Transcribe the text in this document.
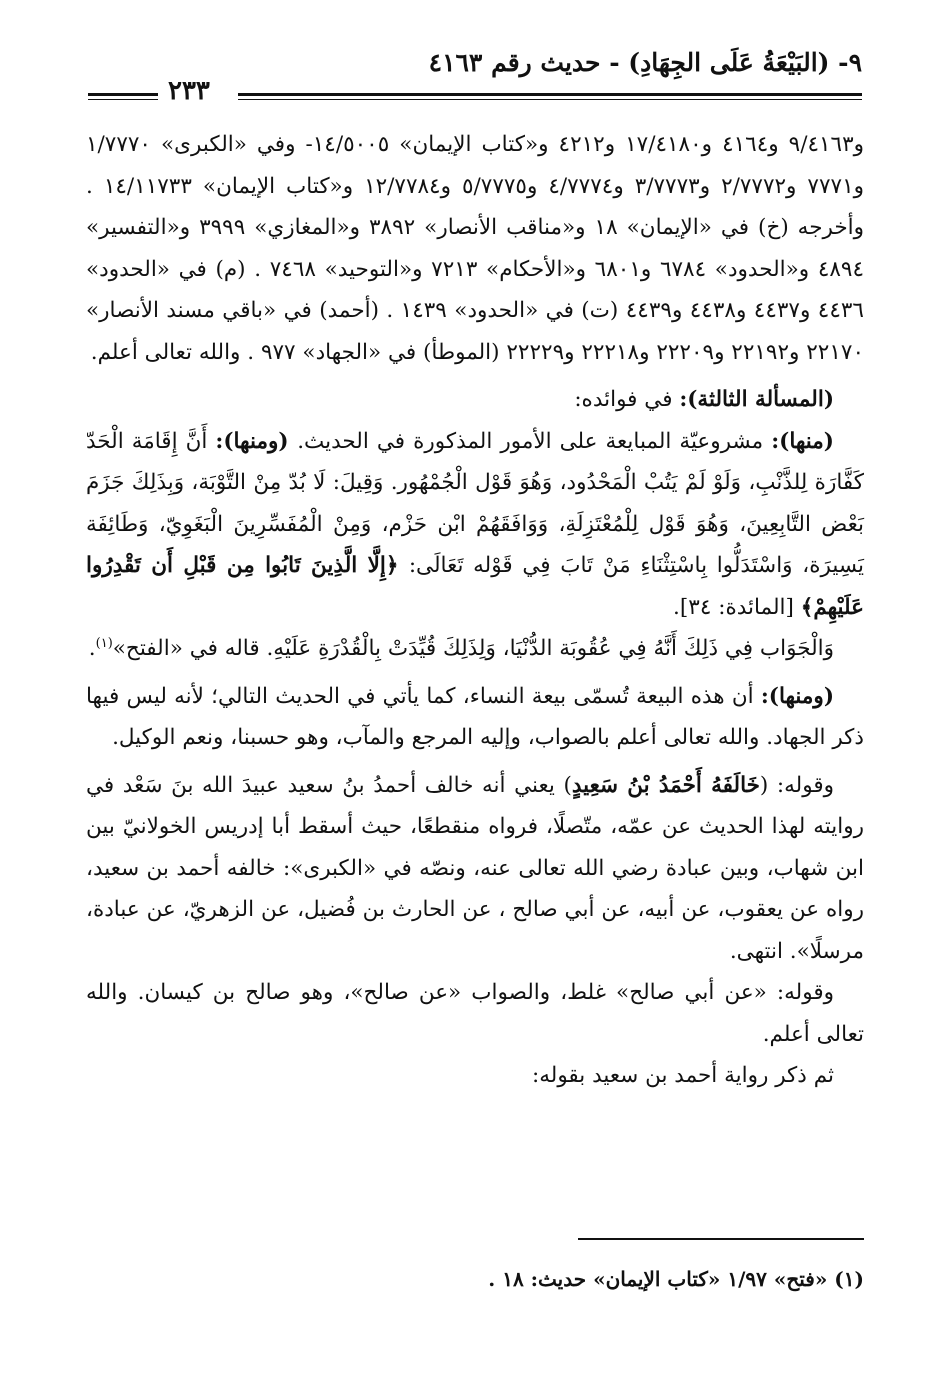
٩- (البَيْعَةُ عَلَى الجِهَادِ) - حديث رقم ٤١٦٣
٢٣٣

و٩/٤١٦٣ و٤١٦٤ و١٧/٤١٨٠ و٤٢١٢ و«كتاب الإيمان» ١٤/٥٠٠٥- وفي «الكبرى» ١/٧٧٧٠ و٧٧٧١ و٢/٧٧٧٢ و٣/٧٧٧٣ و٤/٧٧٧٤ و٥/٧٧٧٥ و١٢/٧٧٨٤ و«كتاب الإيمان» ١٤/١١٧٣٣ . وأخرجه (خ) في «الإيمان» ١٨ و«مناقب الأنصار» ٣٨٩٢ و«المغازي» ٣٩٩٩ و«التفسير» ٤٨٩٤ و«الحدود» ٦٧٨٤ و٦٨٠١ و«الأحكام» ٧٢١٣ و«التوحيد» ٧٤٦٨ . (م) في «الحدود» ٤٤٣٦ و٤٤٣٧ و٤٤٣٨ و٤٤٣٩ (ت) في «الحدود» ١٤٣٩ . (أحمد) في «باقي مسند الأنصار» ٢٢١٧٠ و٢٢١٩٢ و٢٢٢٠٩ و٢٢٢١٨ و٢٢٢٢٩ (الموطأ) في «الجهاد» ٩٧٧ . والله تعالى أعلم.

(المسألة الثالثة): في فوائده:

(منها): مشروعيّة المبايعة على الأمور المذكورة في الحديث. (ومنها): أَنَّ إِقَامَة الْحَدّ كَفَّارَة لِلذَّنْبِ، وَلَوْ لَمْ يَتُبْ الْمَحْدُود، وَهُوَ قَوْل الْجُمْهُور. وَقِيلَ: لَا بُدّ مِنْ التَّوْبَة، وَبِذَلِكَ جَزَمَ بَعْض التَّابِعِينَ، وَهُوَ قَوْل لِلْمُعْتَزِلَةِ، وَوَافَقَهُمْ ابْن حَزْم، وَمِنْ الْمُفَسِّرِينَ الْبَغَوِيّ، وَطَائِفَة يَسِيرَة، وَاسْتَدَلُّوا بِاسْتِثْنَاءِ مَنْ تَابَ فِي قَوْله تَعَالَى: ﴿إِلَّا الَّذِينَ تَابُوا مِن قَبْلِ أَن تَقْدِرُوا عَلَيْهِمْ﴾ [المائدة: ٣٤].

وَالْجَوَاب فِي ذَلِكَ أَنَّهُ فِي عُقُوبَة الدُّنْيَا، وَلِذَلِكَ قُيِّدَتْ بِالْقُدْرَةِ عَلَيْهِ. قاله في «الفتح»$^{(١)}$.

(ومنها): أن هذه البيعة تُسمّى بيعة النساء، كما يأتي في الحديث التالي؛ لأنه ليس فيها ذكر الجهاد. والله تعالى أعلم بالصواب، وإليه المرجع والمآب، وهو حسبنا، ونعم الوكيل.

وقوله: (خَالَفَهُ أَحْمَدُ بْنُ سَعِيدٍ) يعني أنه خالف أحمدُ بنُ سعيد عبيدَ الله بنَ سَعْد في روايته لهذا الحديث عن عمّه، متّصلًا، فرواه منقطعًا، حيث أسقط أبا إدريس الخولانيّ بين ابن شهاب، وبين عبادة رضي الله تعالى عنه، ونصّه في «الكبرى»: خالفه أحمد بن سعيد، رواه عن يعقوب، عن أبيه، عن أبي صالح ، عن الحارث بن فُضيل، عن الزهريّ، عن عبادة، مرسلًا». انتهى.

وقوله: «عن أبي صالح» غلط، والصواب «عن صالح»، وهو صالح بن كيسان. والله تعالى أعلم.

ثم ذكر رواية أحمد بن سعيد بقوله:

(١) «فتح» ١/٩٧ «كتاب الإيمان» حديث: ١٨ .
